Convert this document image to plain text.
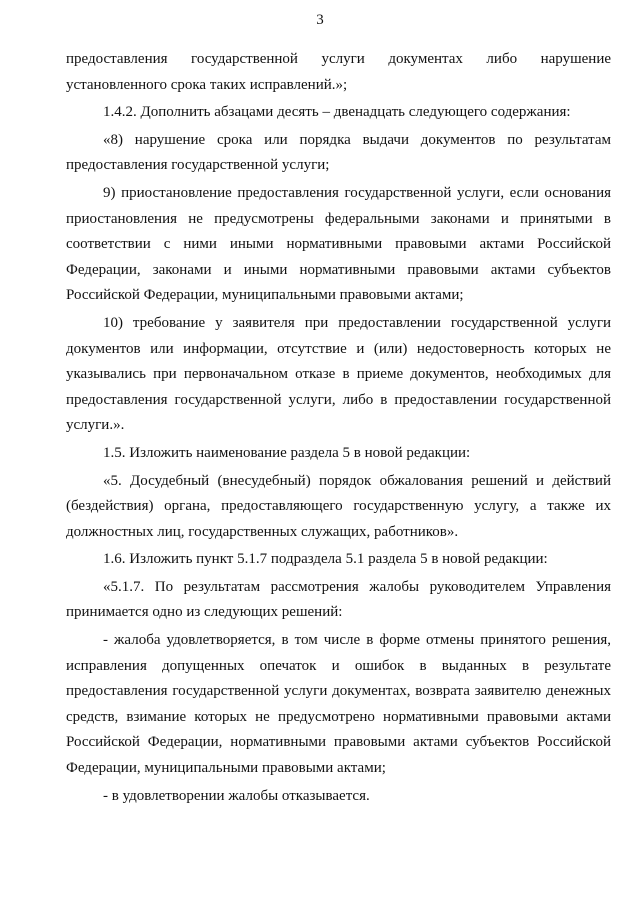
3

предоставления государственной услуги документах либо нарушение установленного срока таких исправлений.»;

1.4.2. Дополнить абзацами десять – двенадцать следующего содержания:

«8) нарушение срока или порядка выдачи документов по результатам предоставления государственной услуги;

9) приостановление предоставления государственной услуги, если основания приостановления не предусмотрены федеральными законами и принятыми в соответствии с ними иными нормативными правовыми актами Российской Федерации, законами и иными нормативными правовыми актами субъектов Российской Федерации, муниципальными правовыми актами;

10) требование у заявителя при предоставлении государственной услуги документов или информации, отсутствие и (или) недостоверность которых не указывались при первоначальном отказе в приеме документов, необходимых для предоставления государственной услуги, либо в предоставлении государственной услуги.».

1.5. Изложить наименование раздела 5 в новой редакции:

«5. Досудебный (внесудебный) порядок обжалования решений и действий (бездействия) органа, предоставляющего государственную услугу, а также их должностных лиц, государственных служащих, работников».

1.6. Изложить пункт 5.1.7 подраздела 5.1 раздела 5 в новой редакции:

«5.1.7. По результатам рассмотрения жалобы руководителем Управления принимается одно из следующих решений:

- жалоба удовлетворяется, в том числе в форме отмены принятого решения, исправления допущенных опечаток и ошибок в выданных в результате предоставления государственной услуги документах, возврата заявителю денежных средств, взимание которых не предусмотрено нормативными правовыми актами Российской Федерации, нормативными правовыми актами субъектов Российской Федерации, муниципальными правовыми актами;

- в удовлетворении жалобы отказывается.
